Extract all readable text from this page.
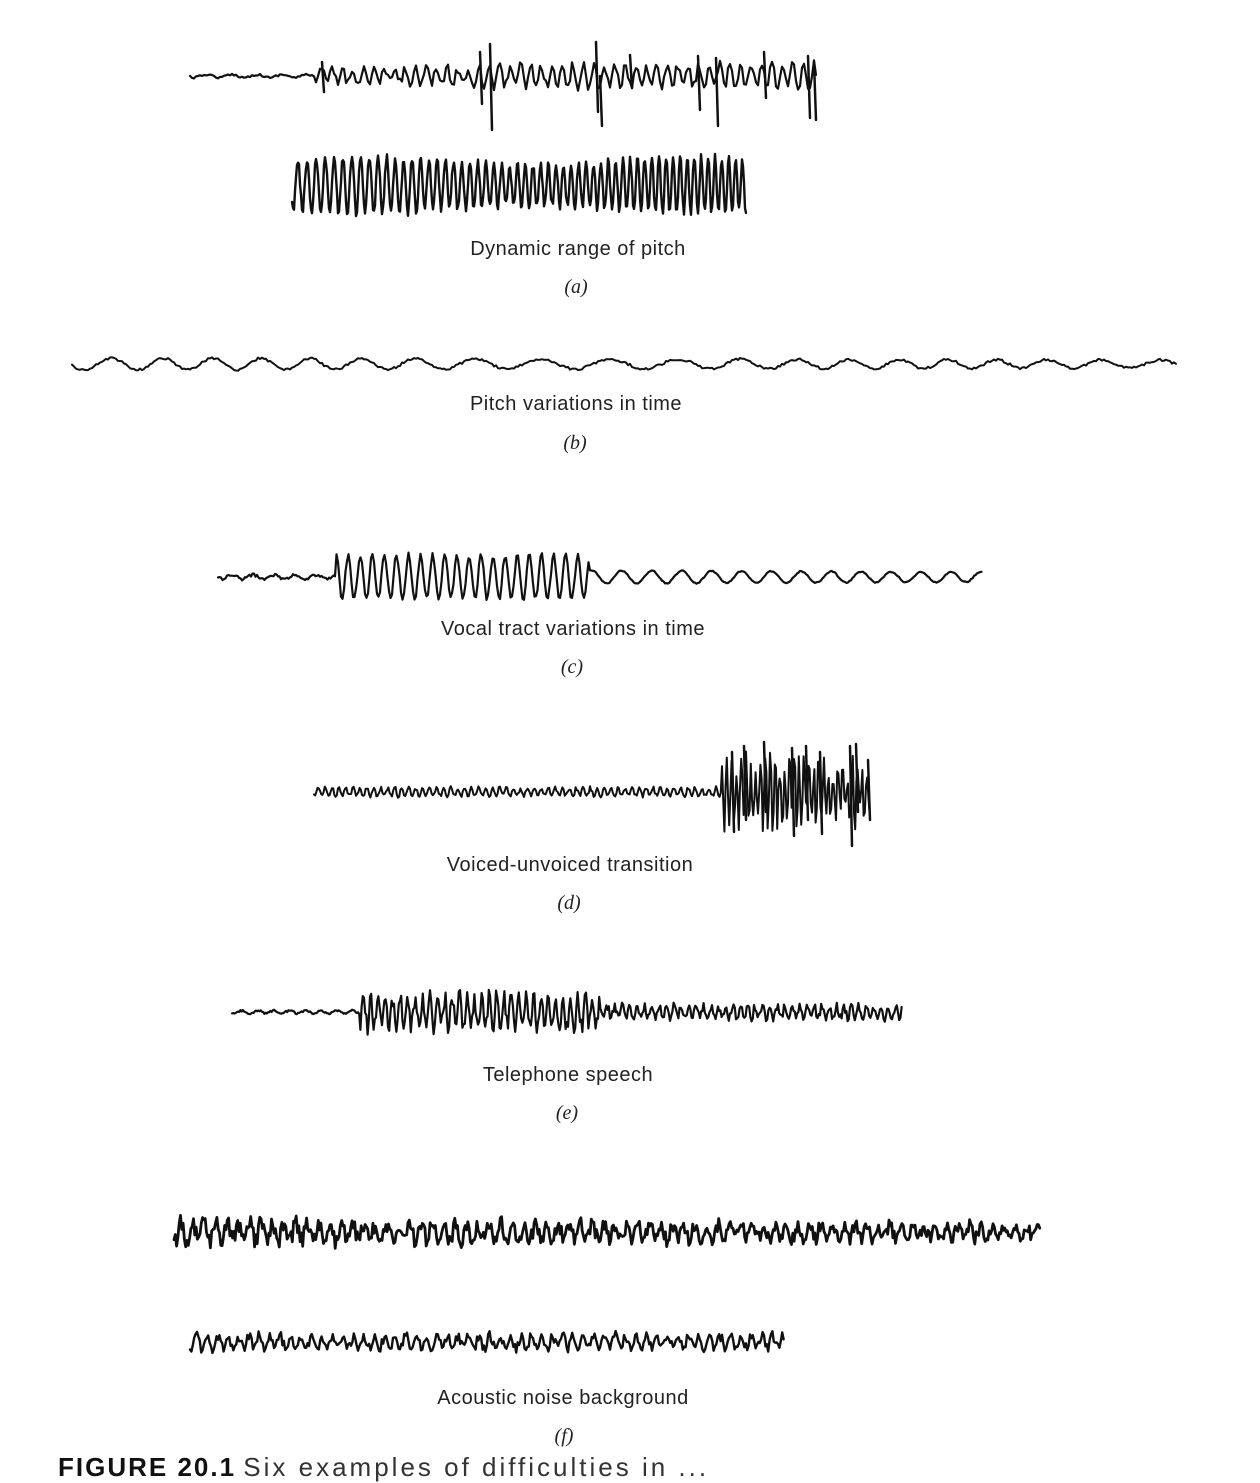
Dynamic range of pitch
(a)
Pitch variations in time
(b)
Vocal tract variations in time
(c)
Voiced-unvoiced transition
(d)
Telephone speech
(e)
Acoustic noise background
(f)
FIGURE 20.1 Six examples of difficulties in ...
